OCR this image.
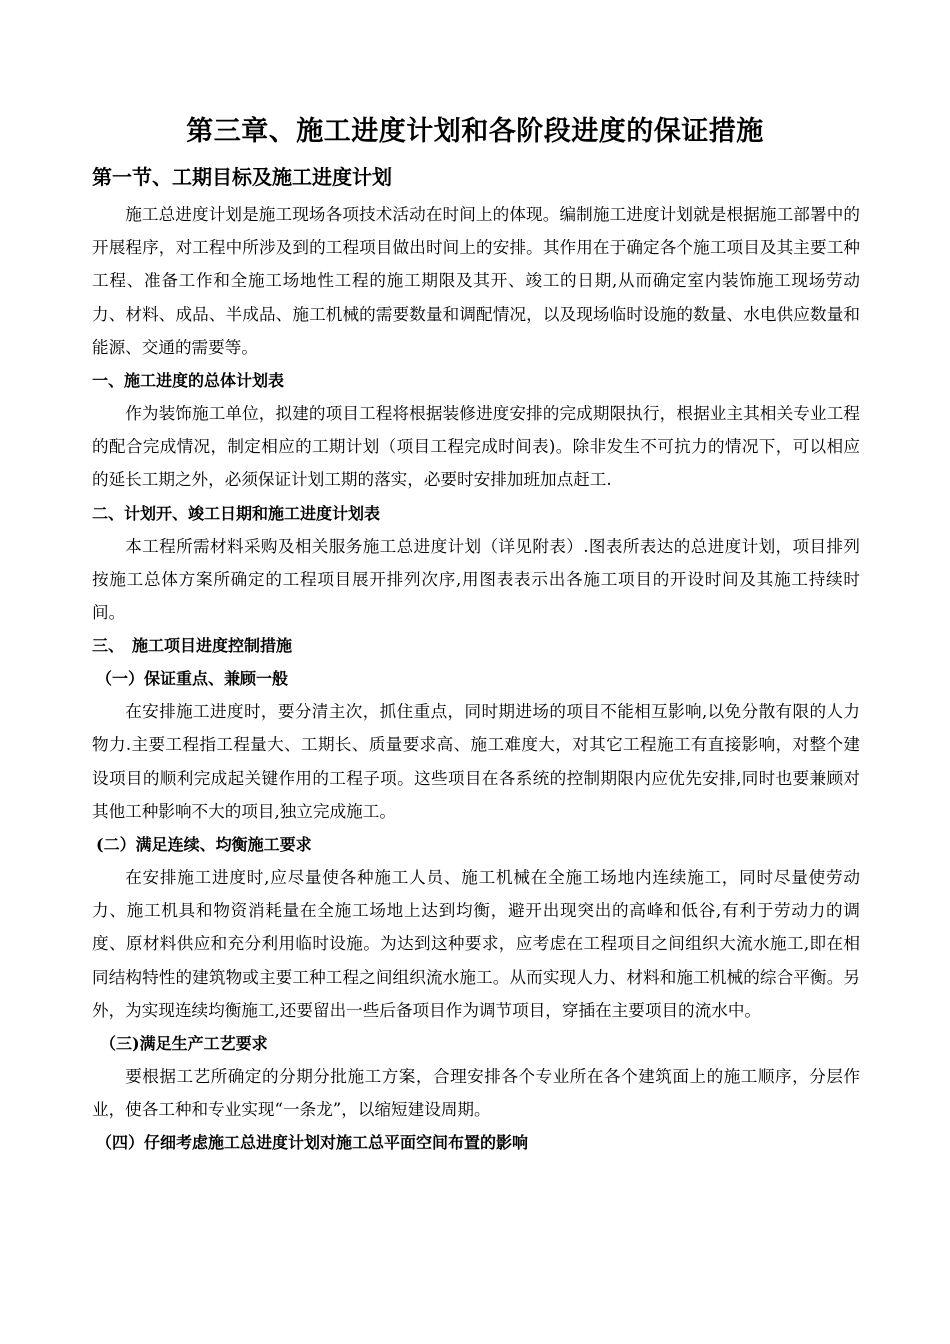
第三章、施工进度计划和各阶段进度的保证措施
第一节、工期目标及施工进度计划

施工总进度计划是施工现场各项技术活动在时间上的体现。编制施工进度计划就是根据施工部署中的开展程序，对工程中所涉及到的工程项目做出时间上的安排。其作用在于确定各个施工项目及其主要工种工程、准备工作和全施工场地性工程的施工期限及其开、竣工的日期,从而确定室内装饰施工现场劳动力、材料、成品、半成品、施工机械的需要数量和调配情况，以及现场临时设施的数量、水电供应数量和能源、交通的需要等。

一、施工进度的总体计划表

作为装饰施工单位，拟建的项目工程将根据装修进度安排的完成期限执行，根据业主其相关专业工程的配合完成情况，制定相应的工期计划（项目工程完成时间表)。除非发生不可抗力的情况下，可以相应的延长工期之外，必须保证计划工期的落实，必要时安排加班加点赶工.

二、计划开、竣工日期和施工进度计划表

本工程所需材料采购及相关服务施工总进度计划（详见附表）.图表所表达的总进度计划，项目排列按施工总体方案所确定的工程项目展开排列次序,用图表表示出各施工项目的开设时间及其施工持续时间。

三、　施工项目进度控制措施
（一）保证重点、兼顾一般

在安排施工进度时，要分清主次，抓住重点，同时期进场的项目不能相互影响,以免分散有限的人力物力.主要工程指工程量大、工期长、质量要求高、施工难度大，对其它工程施工有直接影响，对整个建设项目的顺利完成起关键作用的工程子项。这些项目在各系统的控制期限内应优先安排,同时也要兼顾对其他工种影响不大的项目,独立完成施工。

(二）满足连续、均衡施工要求

在安排施工进度时,应尽量使各种施工人员、施工机械在全施工场地内连续施工，同时尽量使劳动力、施工机具和物资消耗量在全施工场地上达到均衡，避开出现突出的高峰和低谷,有利于劳动力的调度、原材料供应和充分利用临时设施。为达到这种要求，应考虑在工程项目之间组织大流水施工,即在相同结构特性的建筑物或主要工种工程之间组织流水施工。从而实现人力、材料和施工机械的综合平衡。另外，为实现连续均衡施工,还要留出一些后备项目作为调节项目，穿插在主要项目的流水中。

（三)满足生产工艺要求

要根据工艺所确定的分期分批施工方案，合理安排各个专业所在各个建筑面上的施工顺序，分层作业，使各工种和专业实现“一条龙”，以缩短建设周期。

（四）仔细考虑施工总进度计划对施工总平面空间布置的影响
